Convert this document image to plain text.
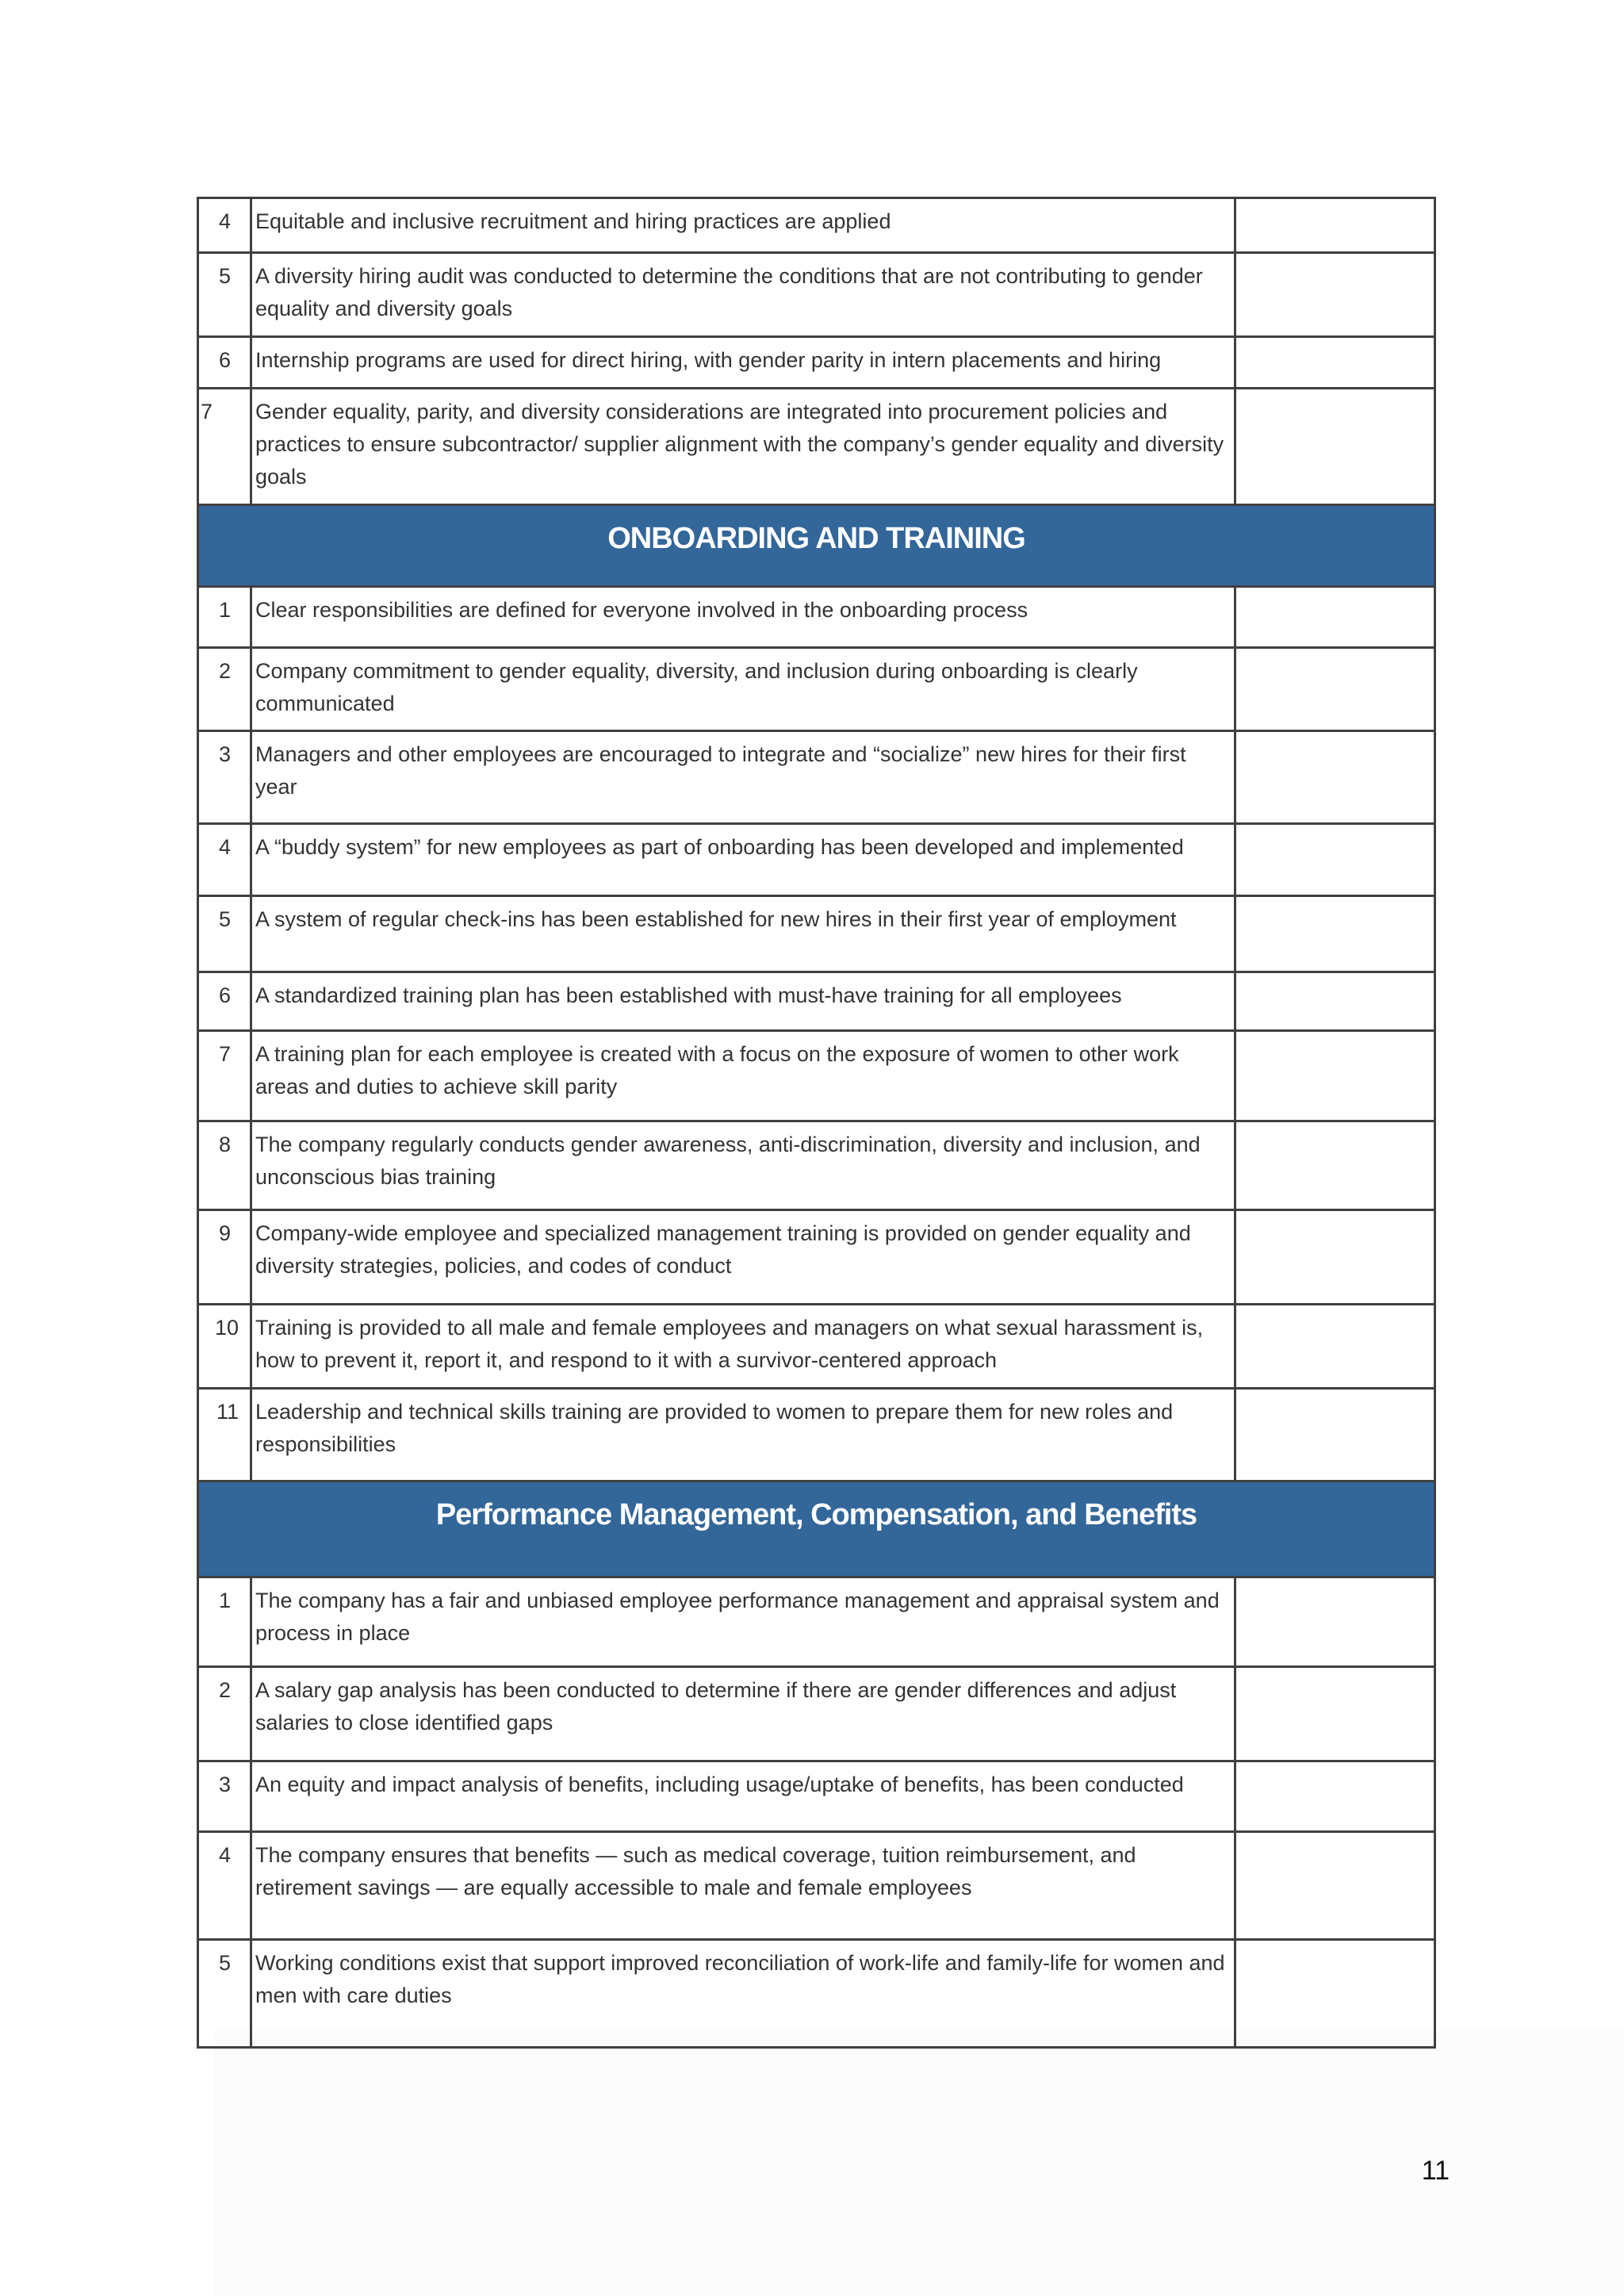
4	Equitable and inclusive recruitment and hiring practices are applied	
5	A diversity hiring audit was conducted to determine the conditions that are not contributing to gender equality and diversity goals	
6	Internship programs are used for direct hiring, with gender parity in intern placements and hiring	
7	Gender equality, parity, and diversity considerations are integrated into procurement policies and practices to ensure subcontractor/ supplier alignment with the company’s gender equality and diversity goals	
ONBOARDING AND TRAINING		
1	Clear responsibilities are defined for everyone involved in the onboarding process	
2	Company commitment to gender equality, diversity, and inclusion during onboarding is clearly communicated	
3	Managers and other employees are encouraged to integrate and “socialize” new hires for their first year	
4	A “buddy system” for new employees as part of onboarding has been developed and implemented	
5	A system of regular check-ins has been established for new hires in their first year of employment	
6	A standardized training plan has been established with must-have training for all employees	
7	A training plan for each employee is created with a focus on the exposure of women to other work areas and duties to achieve skill parity	
8	The company regularly conducts gender awareness, anti-discrimination, diversity and inclusion, and unconscious bias training	
9	Company-wide employee and specialized management training is provided on gender equality and diversity strategies, policies, and codes of conduct	
10	Training is provided to all male and female employees and managers on what sexual harassment is, how to prevent it, report it, and respond to it with a survivor-centered approach	
11	Leadership and technical skills training are provided to women to prepare them for new roles and responsibilities	
Performance Management, Compensation, and Benefits		
1	The company has a fair and unbiased employee performance management and appraisal system and process in place	
2	A salary gap analysis has been conducted to determine if there are gender differences and adjust salaries to close identified gaps	
3	An equity and impact analysis of benefits, including usage/uptake of benefits, has been conducted	
4	The company ensures that benefits — such as medical coverage, tuition reimbursement, and retirement savings — are equally accessible to male and female employees	
5	Working conditions exist that support improved reconciliation of work-life and family-life for women and men with care duties	
11
